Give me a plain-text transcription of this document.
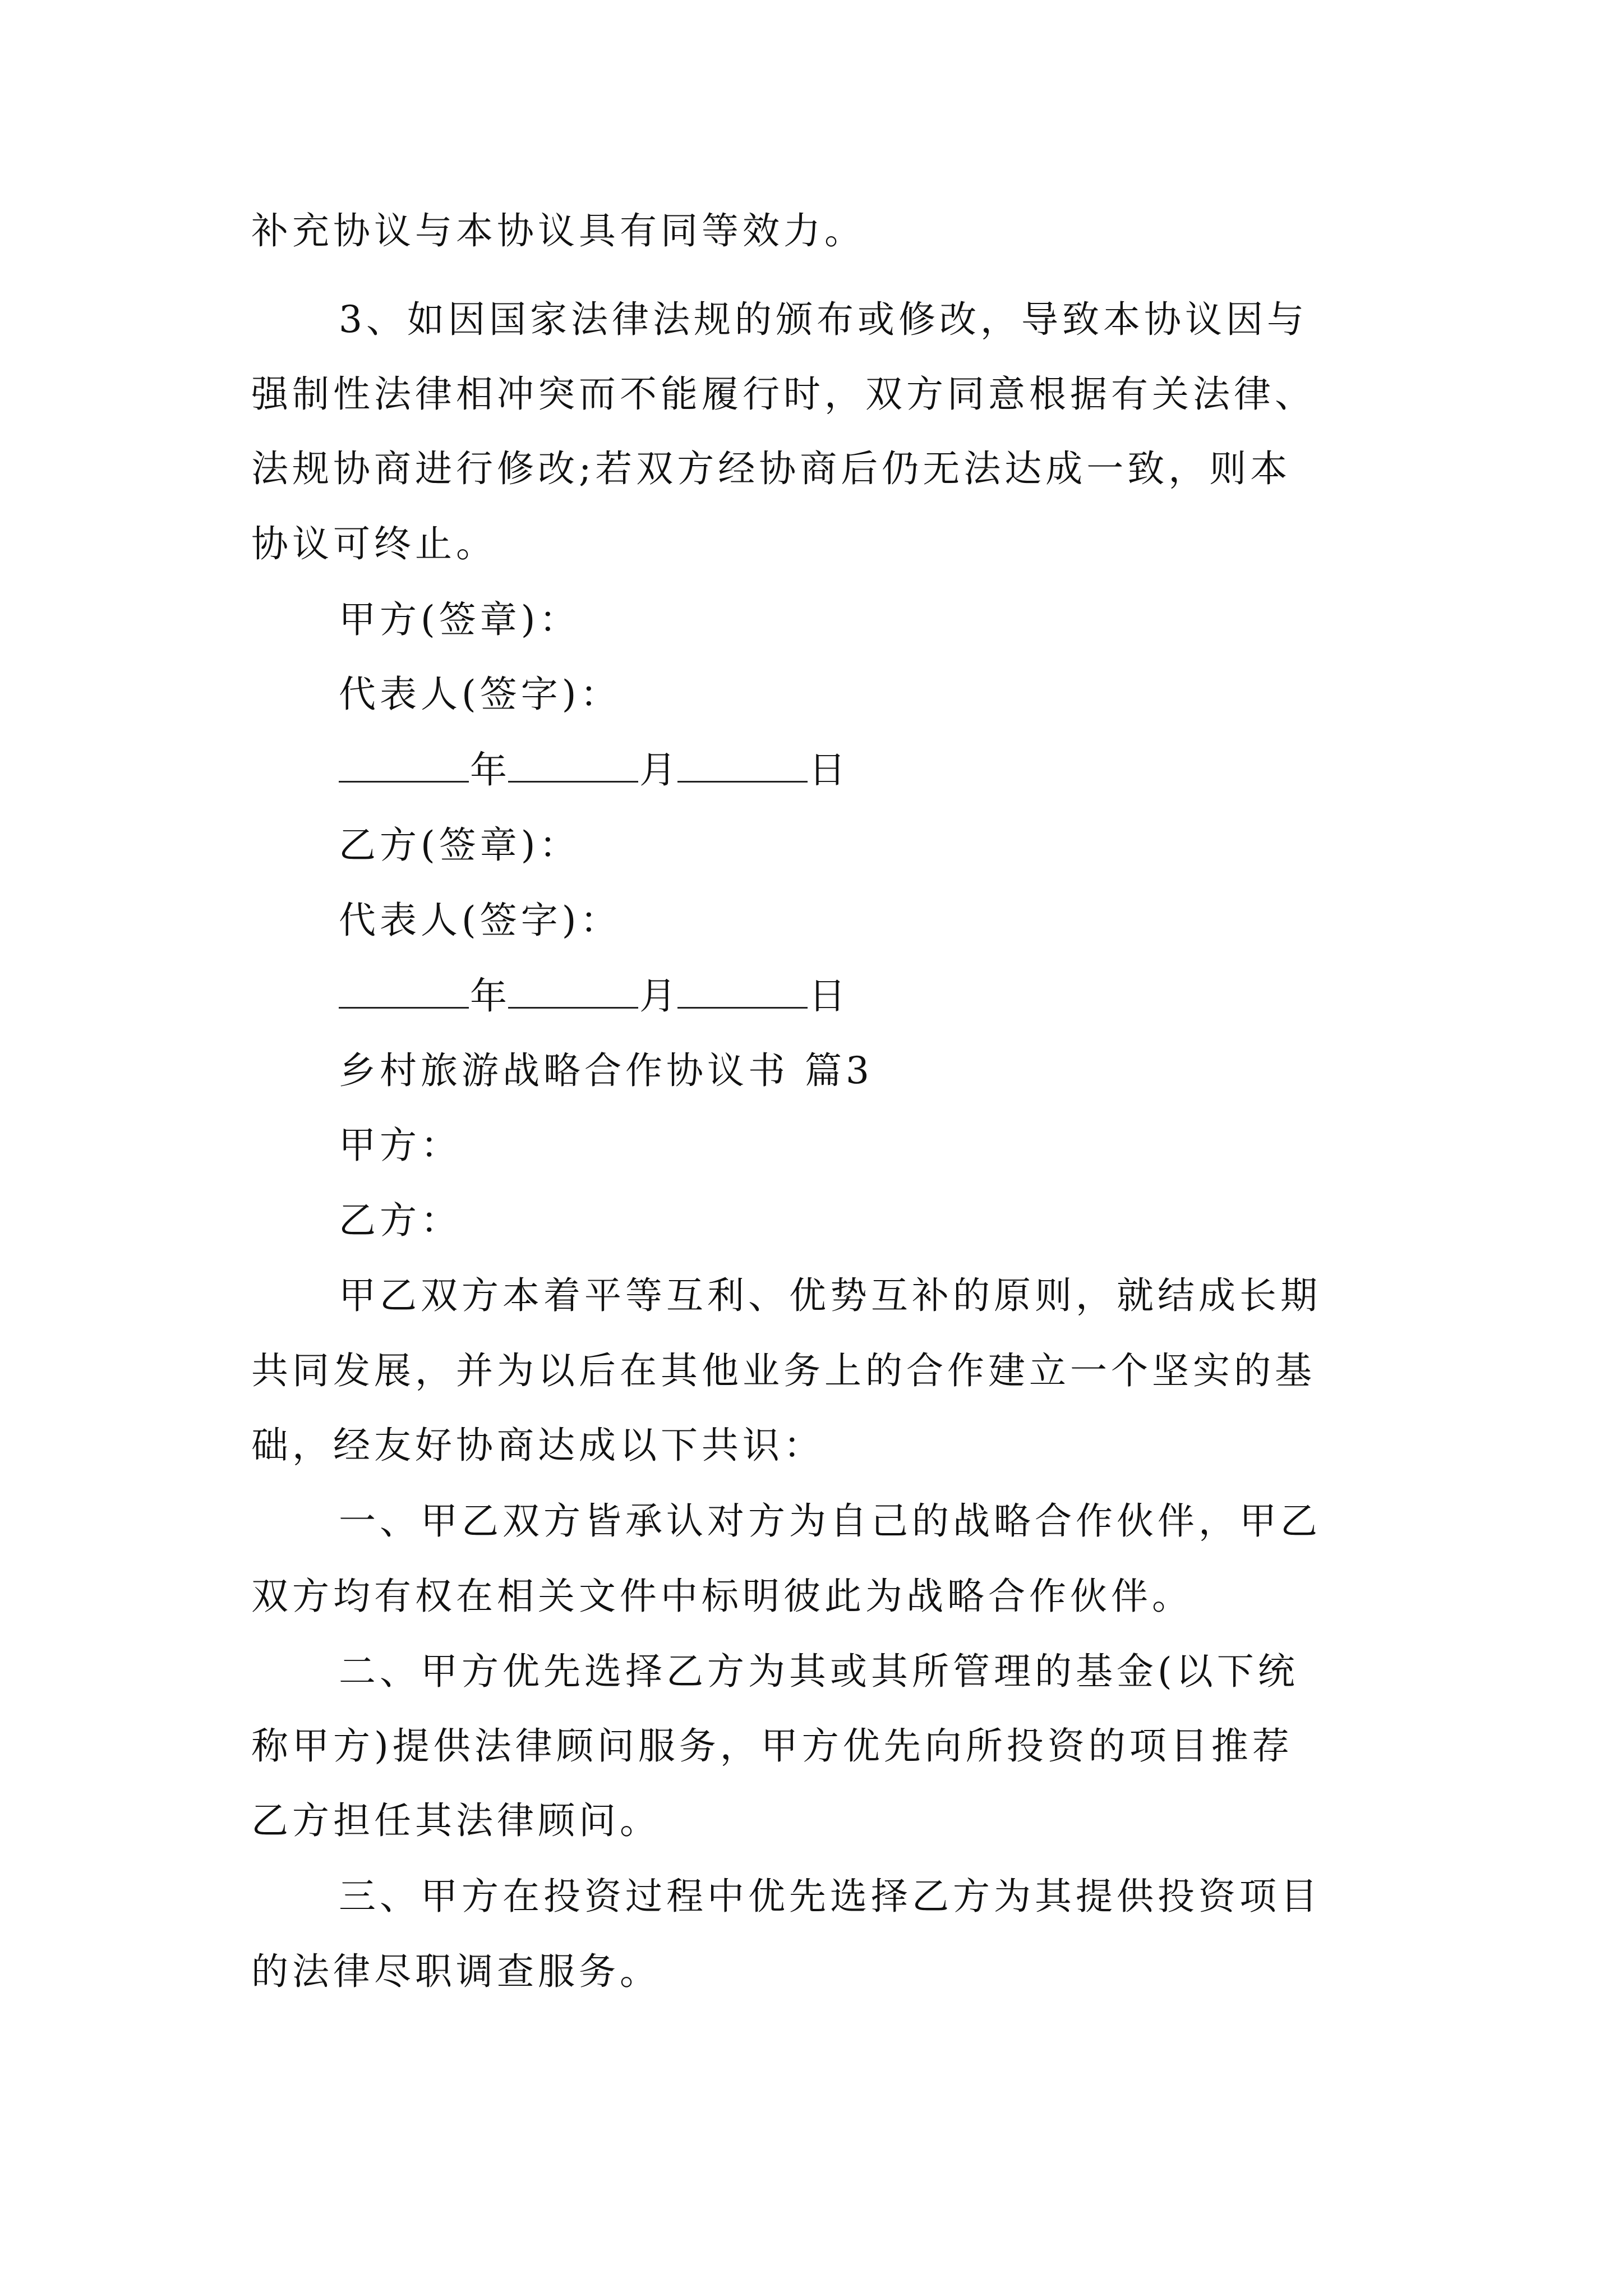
补充协议与本协议具有同等效力。
3、如因国家法律法规的颁布或修改，导致本协议因与
强制性法律相冲突而不能履行时，双方同意根据有关法律、
法规协商进行修改;若双方经协商后仍无法达成一致，则本
协议可终止。
甲方(签章)：
代表人(签字)：
年	月	日
乙方(签章)：
代表人(签字)：
年	月	日
乡村旅游战略合作协议书 篇3
甲方：
乙方：
甲乙双方本着平等互利、优势互补的原则，就结成长期
共同发展，并为以后在其他业务上的合作建立一个坚实的基
础，经友好协商达成以下共识：
一、甲乙双方皆承认对方为自己的战略合作伙伴，甲乙
双方均有权在相关文件中标明彼此为战略合作伙伴。
二、甲方优先选择乙方为其或其所管理的基金(以下统
称甲方)提供法律顾问服务，甲方优先向所投资的项目推荐
乙方担任其法律顾问。
三、甲方在投资过程中优先选择乙方为其提供投资项目
的法律尽职调查服务。
